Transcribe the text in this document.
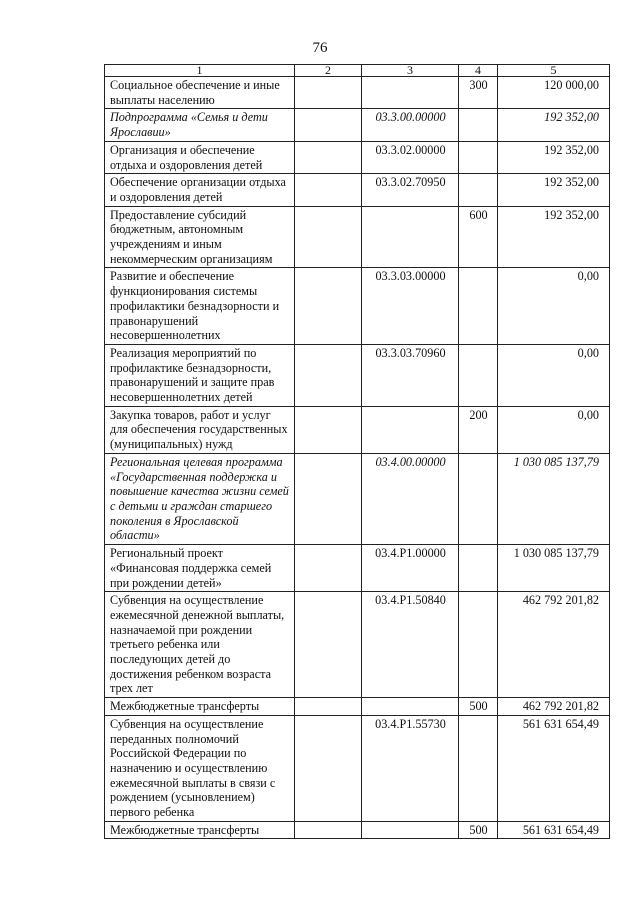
76
1	2	3	4	5
Социальное обеспечение и иные выплаты населению			300	120 000,00
Подпрограмма «Семья и дети Ярославии»		03.3.00.00000		192 352,00
Организация и обеспечение отдыха и оздоровления детей		03.3.02.00000		192 352,00
Обеспечение организации отдыха и оздоровления детей		03.3.02.70950		192 352,00
Предоставление субсидий бюджетным, автономным учреждениям и иным некоммерческим организациям			600	192 352,00
Развитие и обеспечение функционирования системы профилактики безнадзорности и правонарушений несовершеннолетних		03.3.03.00000		0,00
Реализация мероприятий по профилактике безнадзорности, правонарушений и защите прав несовершеннолетних детей		03.3.03.70960		0,00
Закупка товаров, работ и услуг для обеспечения государственных (муниципальных) нужд			200	0,00
Региональная целевая программа «Государственная поддержка и повышение качества жизни семей с детьми и граждан старшего поколения в Ярославской области»		03.4.00.00000		1 030 085 137,79
Региональный проект «Финансовая поддержка семей при рождении детей»		03.4.P1.00000		1 030 085 137,79
Субвенция на осуществление ежемесячной денежной выплаты, назначаемой при рождении третьего ребенка или последующих детей до достижения ребенком возраста трех лет		03.4.P1.50840		462 792 201,82
Межбюджетные трансферты			500	462 792 201,82
Субвенция на осуществление переданных полномочий Российской Федерации по назначению и осуществлению ежемесячной выплаты в связи с рождением (усыновлением) первого ребенка		03.4.P1.55730		561 631 654,49
Межбюджетные трансферты			500	561 631 654,49
